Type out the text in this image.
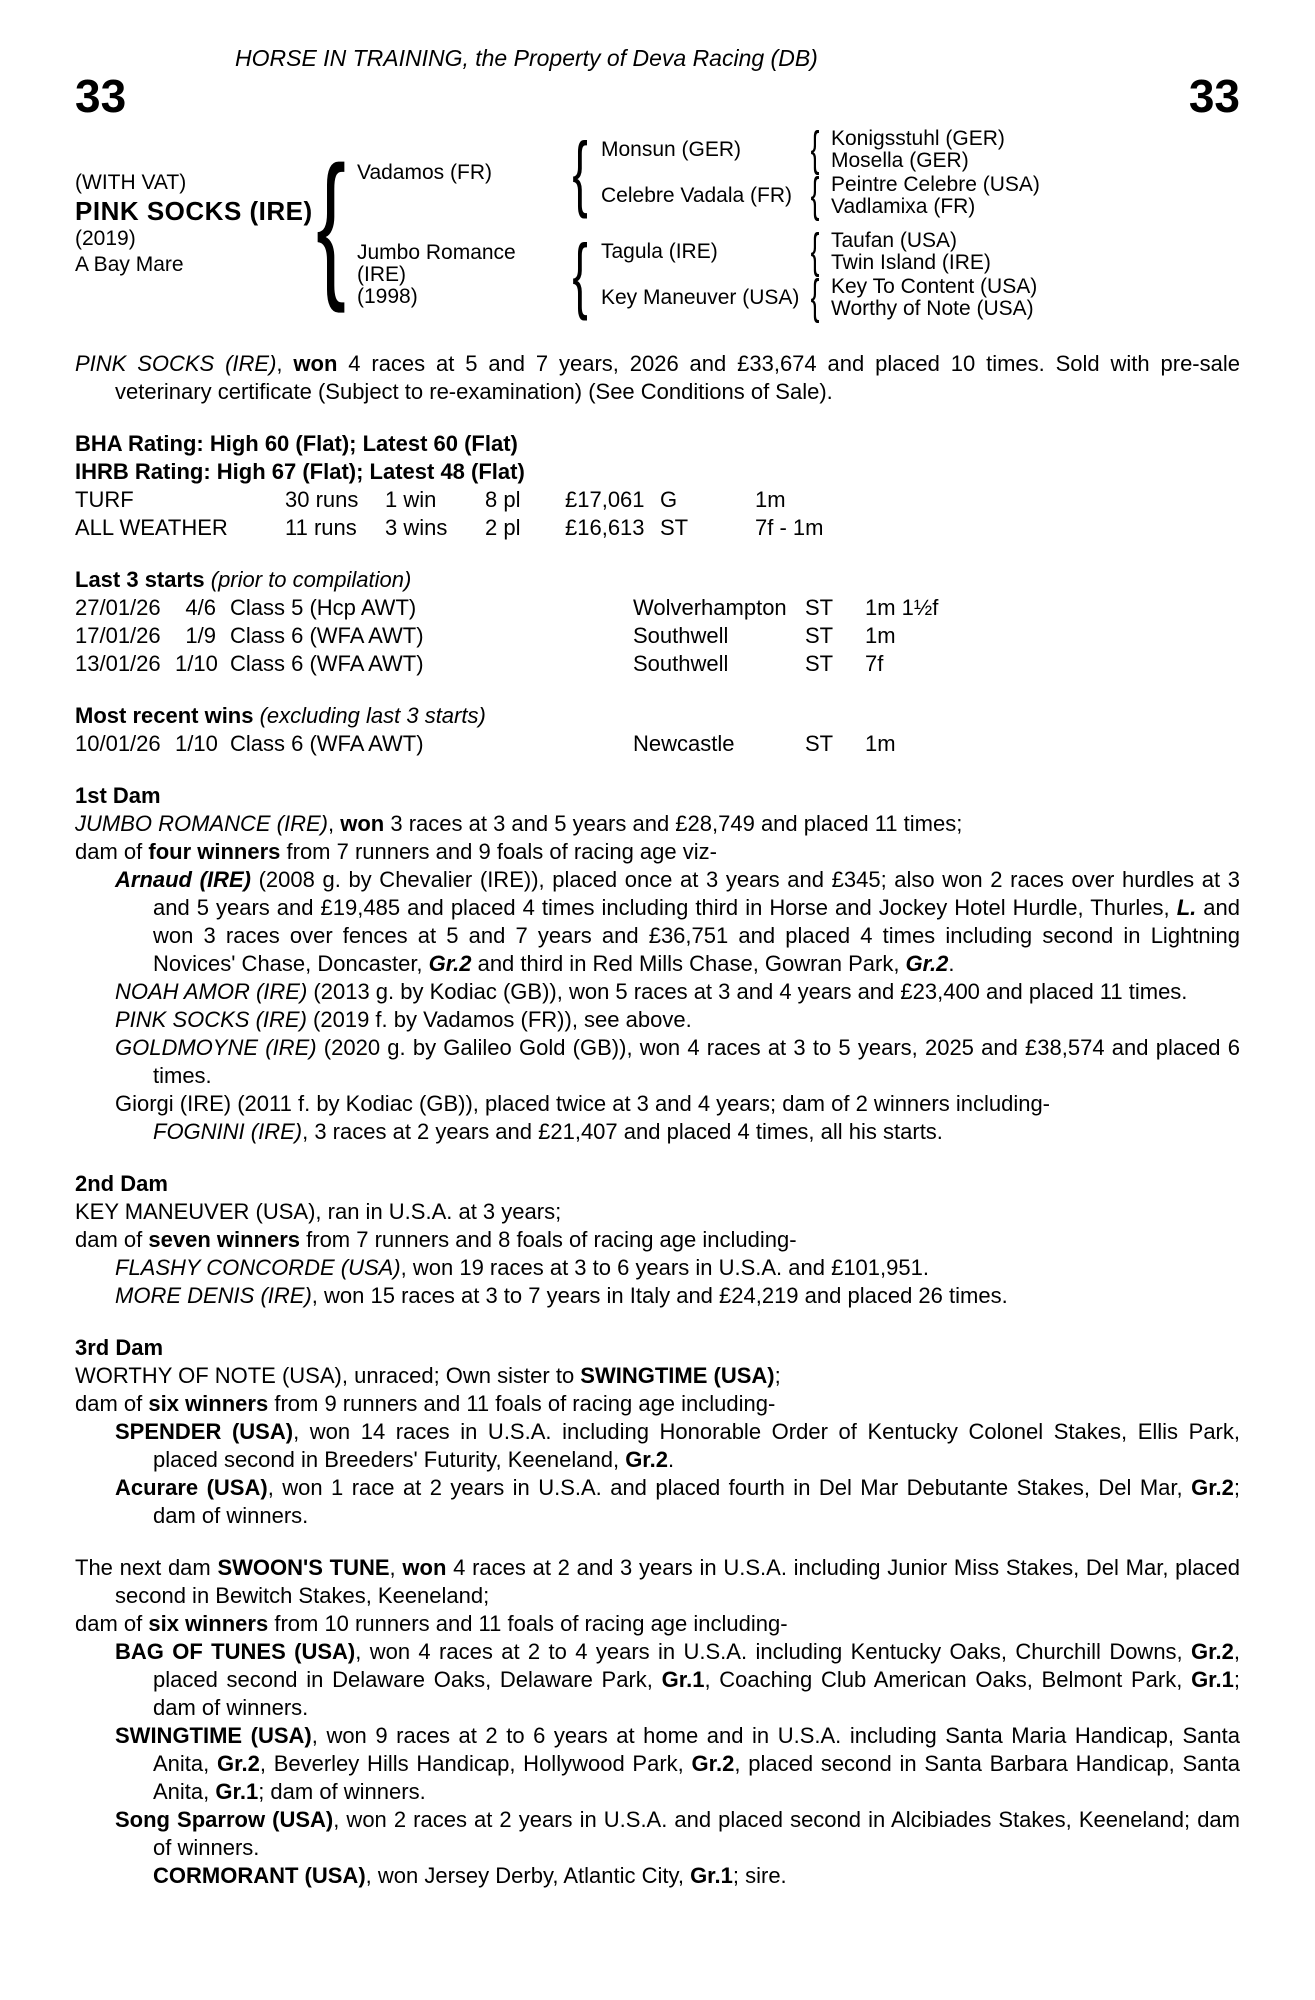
HORSE IN TRAINING, the Property of Deva Racing (DB)
33	33
(WITH VAT)
PINK SOCKS (IRE)
(2019)
A Bay Mare { Vadamos (FR) { Monsun (GER)	{ Konigsstuhl (GER)
Mosella (GER)
Celebre Vadala (FR) { Peintre Celebre (USA)
Vadlamixa (FR)
Jumbo Romance (IRE)
(1998)	{ Tagula (IRE)	{ Taufan (USA)
Twin Island (IRE)
Key Maneuver (USA) { Key To Content (USA)
Worthy of Note (USA)

PINK SOCKS (IRE), won 4 races at 5 and 7 years, 2026 and £33,674 and placed 10 times. Sold with pre-sale veterinary certificate (Subject to re-examination) (See Conditions of Sale).

BHA Rating: High 60 (Flat); Latest 60 (Flat)

IHRB Rating: High 67 (Flat); Latest 48 (Flat)

TURF	30 runs	1 win	8 pl	£17,061 G	1m
ALL WEATHER	11 runs	3 wins	2 pl	£16,613 ST	7f - 1m

Last 3 starts (prior to compilation)

27/01/26	4/6 Class 5 (Hcp AWT)	Wolverhampton ST	1m 1½f
17/01/26	1/9 Class 6 (WFA AWT)	Southwell	ST	1m
13/01/26 1/10 Class 6 (WFA AWT)	Southwell	ST	7f

Most recent wins (excluding last 3 starts)

10/01/26 1/10 Class 6 (WFA AWT)	Newcastle	ST	1m

1st Dam

JUMBO ROMANCE (IRE), won 3 races at 3 and 5 years and £28,749 and placed 11 times;

dam of four winners from 7 runners and 9 foals of racing age viz-

Arnaud (IRE) (2008 g. by Chevalier (IRE)), placed once at 3 years and £345; also won 2 races over hurdles at 3 and 5 years and £19,485 and placed 4 times including third in Horse and Jockey Hotel Hurdle, Thurles, L. and won 3 races over fences at 5 and 7 years and £36,751 and placed 4 times including second in Lightning Novices' Chase, Doncaster, Gr.2 and third in Red Mills Chase, Gowran Park, Gr.2.

NOAH AMOR (IRE) (2013 g. by Kodiac (GB)), won 5 races at 3 and 4 years and £23,400 and placed 11 times.

PINK SOCKS (IRE) (2019 f. by Vadamos (FR)), see above.

GOLDMOYNE (IRE) (2020 g. by Galileo Gold (GB)), won 4 races at 3 to 5 years, 2025 and £38,574 and placed 6 times.

Giorgi (IRE) (2011 f. by Kodiac (GB)), placed twice at 3 and 4 years; dam of 2 winners including-

FOGNINI (IRE), 3 races at 2 years and £21,407 and placed 4 times, all his starts.

2nd Dam

KEY MANEUVER (USA), ran in U.S.A. at 3 years;

dam of seven winners from 7 runners and 8 foals of racing age including-

FLASHY CONCORDE (USA), won 19 races at 3 to 6 years in U.S.A. and £101,951.

MORE DENIS (IRE), won 15 races at 3 to 7 years in Italy and £24,219 and placed 26 times.

3rd Dam

WORTHY OF NOTE (USA), unraced; Own sister to SWINGTIME (USA);

dam of six winners from 9 runners and 11 foals of racing age including-

SPENDER (USA), won 14 races in U.S.A. including Honorable Order of Kentucky Colonel Stakes, Ellis Park, placed second in Breeders' Futurity, Keeneland, Gr.2.

Acurare (USA), won 1 race at 2 years in U.S.A. and placed fourth in Del Mar Debutante Stakes, Del Mar, Gr.2; dam of winners.

The next dam SWOON'S TUNE, won 4 races at 2 and 3 years in U.S.A. including Junior Miss Stakes, Del Mar, placed second in Bewitch Stakes, Keeneland;

dam of six winners from 10 runners and 11 foals of racing age including-

BAG OF TUNES (USA), won 4 races at 2 to 4 years in U.S.A. including Kentucky Oaks, Churchill Downs, Gr.2, placed second in Delaware Oaks, Delaware Park, Gr.1, Coaching Club American Oaks, Belmont Park, Gr.1; dam of winners.

SWINGTIME (USA), won 9 races at 2 to 6 years at home and in U.S.A. including Santa Maria Handicap, Santa Anita, Gr.2, Beverley Hills Handicap, Hollywood Park, Gr.2, placed second in Santa Barbara Handicap, Santa Anita, Gr.1; dam of winners.

Song Sparrow (USA), won 2 races at 2 years in U.S.A. and placed second in Alcibiades Stakes, Keeneland; dam of winners.

CORMORANT (USA), won Jersey Derby, Atlantic City, Gr.1; sire.
